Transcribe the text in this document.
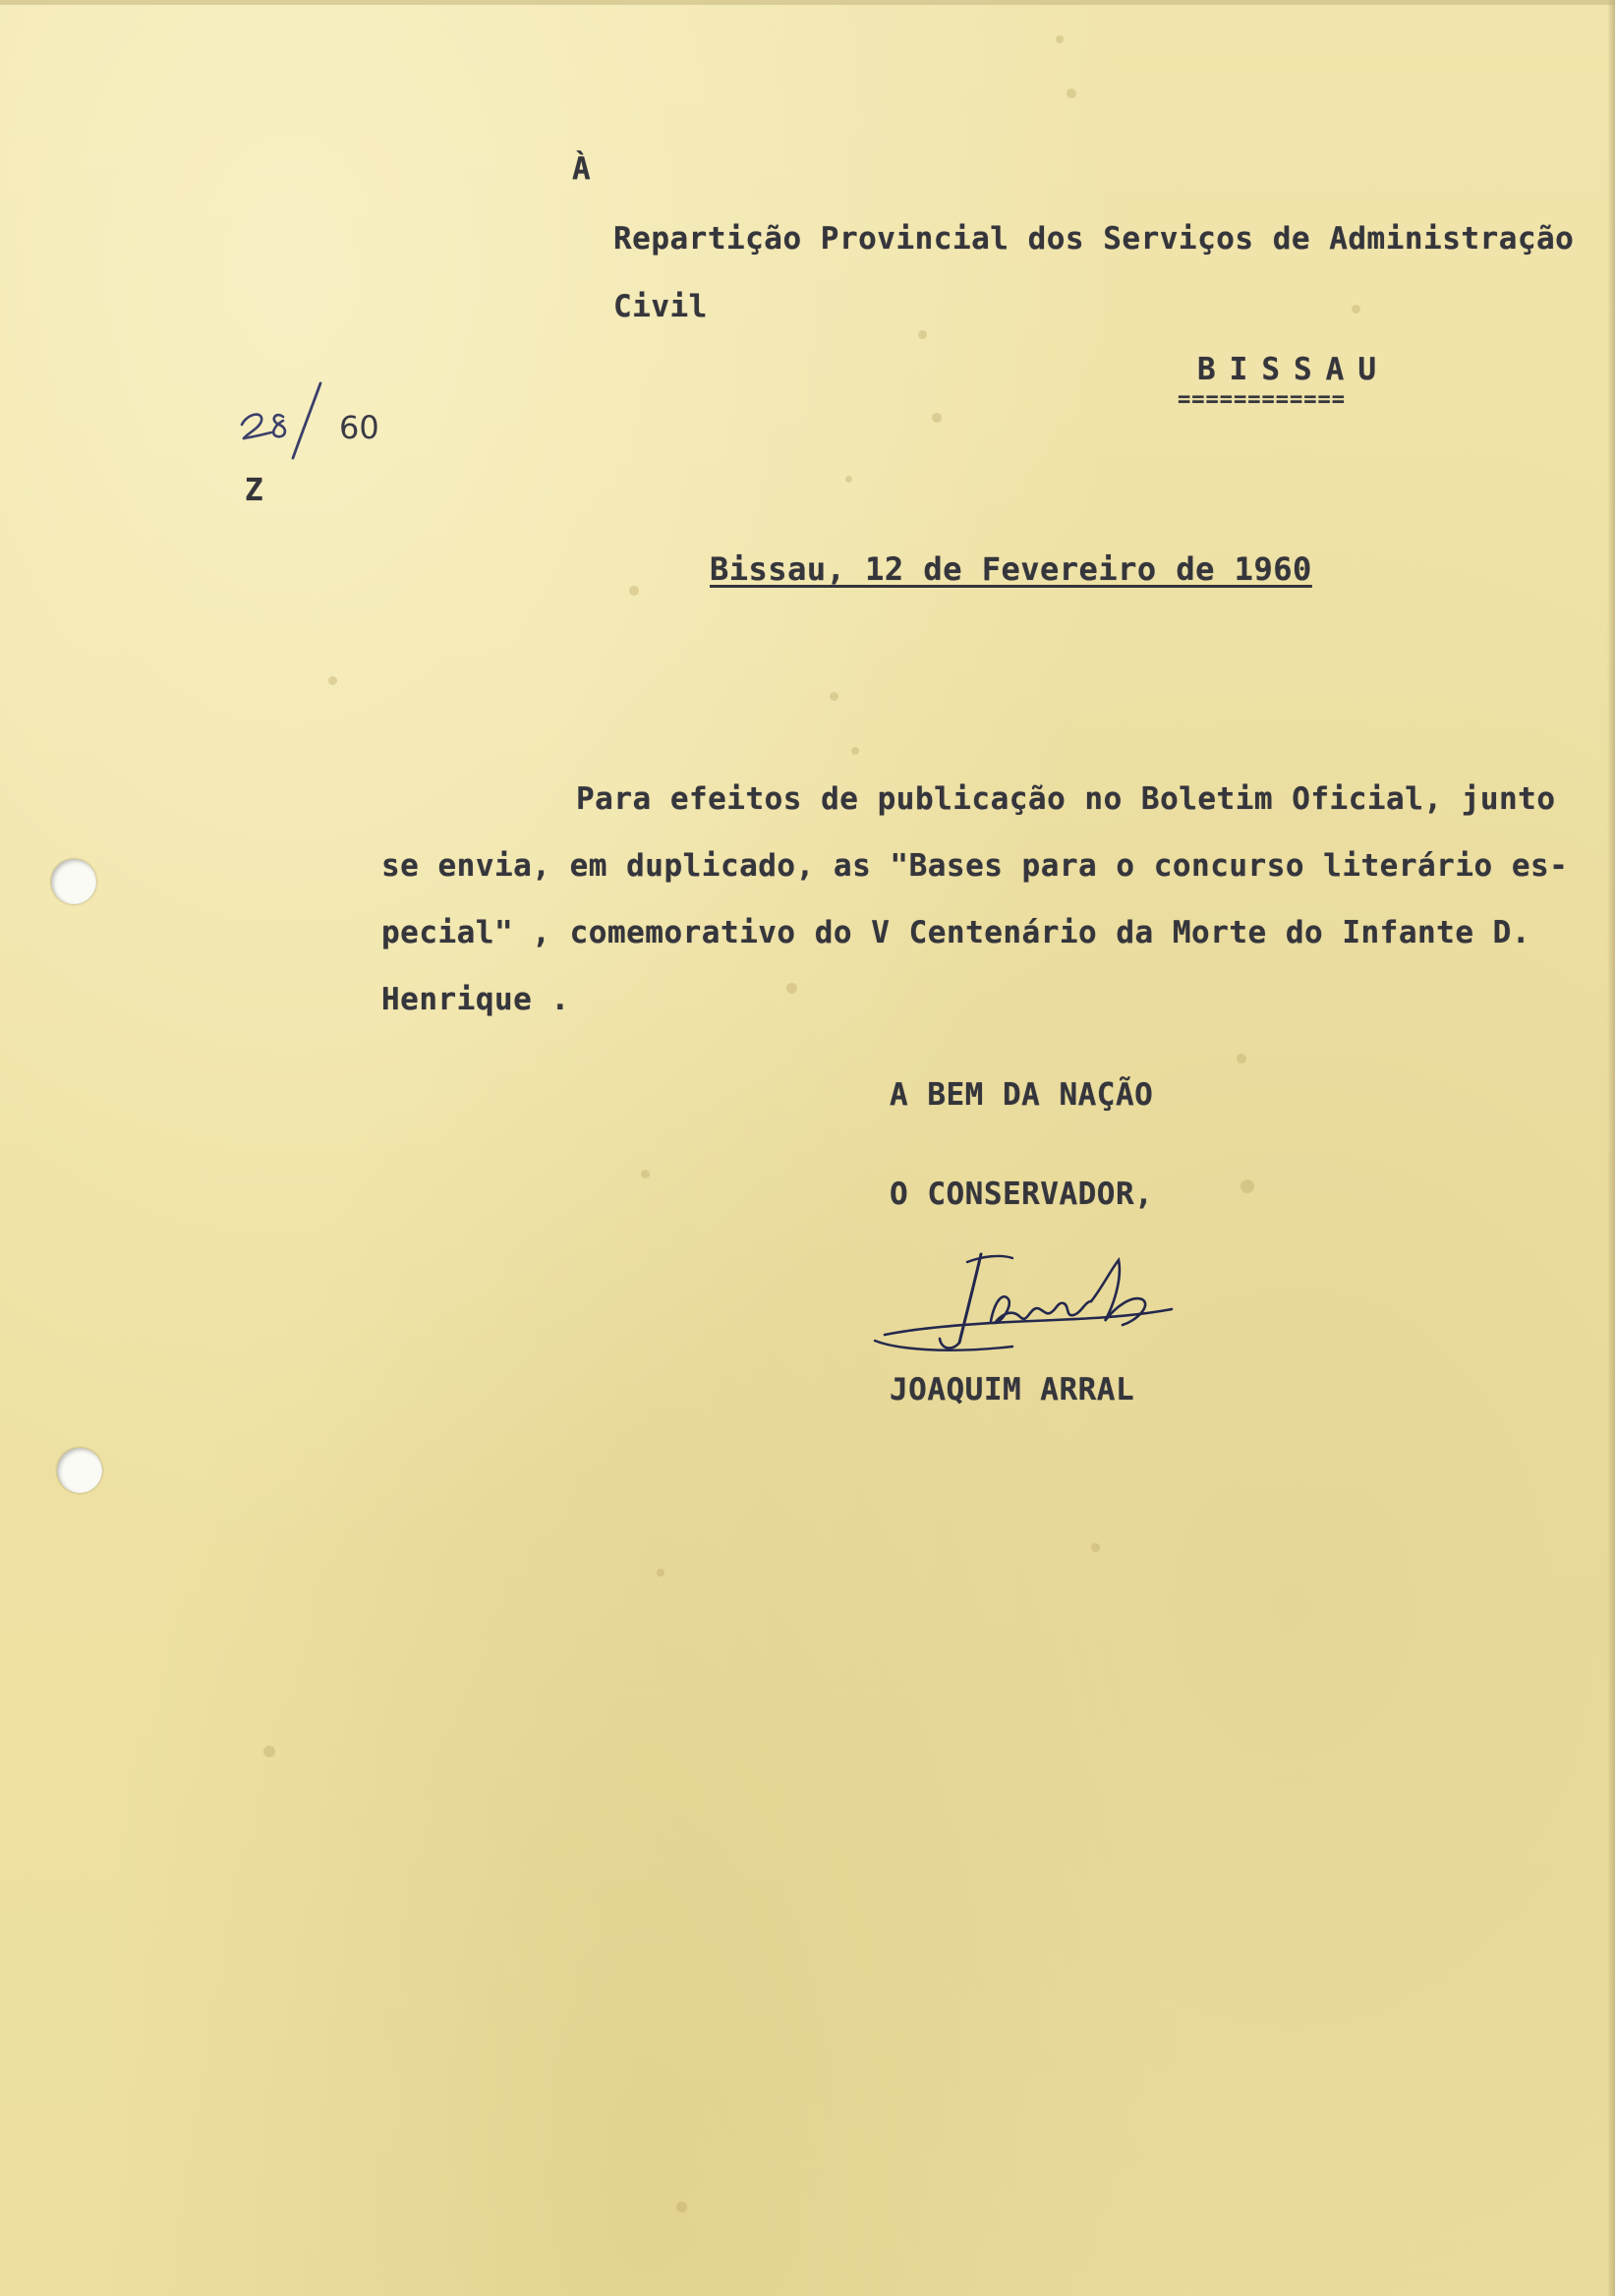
À
Repartição Provincial dos Serviços de Administração
Civil
BISSAU
============
60
Z
Bissau, 12 de Fevereiro de 1960
Para efeitos de publicação no Boletim Oficial, junto
se envia, em duplicado, as "Bases para o concurso literário es-
pecial" , comemorativo do V Centenário da Morte do Infante D.
Henrique .
A BEM DA NAÇÃO
O CONSERVADOR,
JOAQUIM ARRAL
